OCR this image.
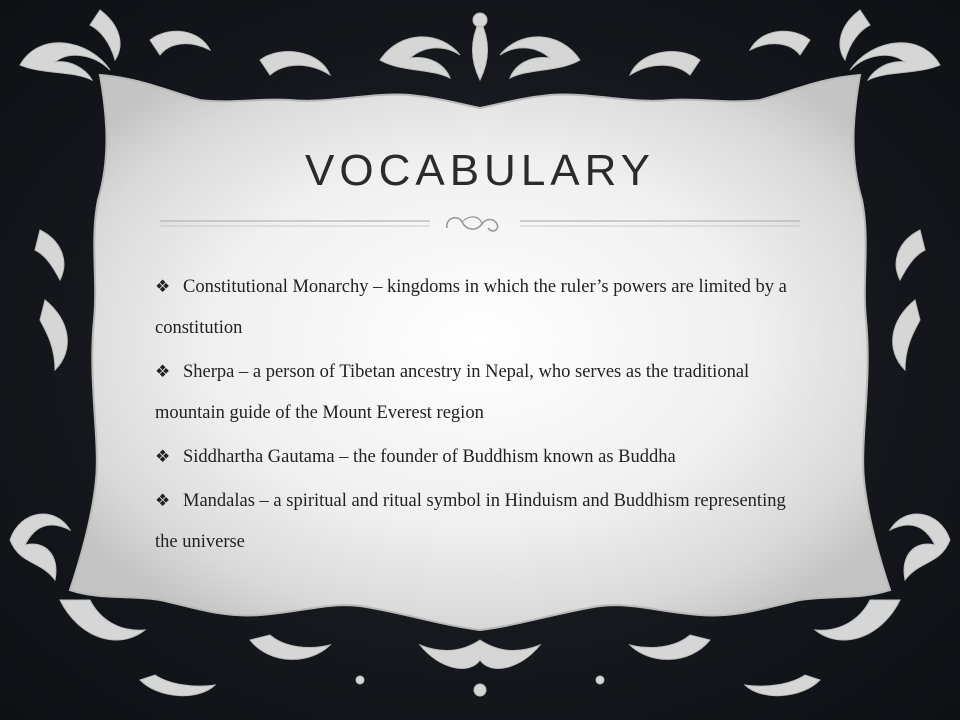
VOCABULARY

❖ Constitutional Monarchy – kingdoms in which the ruler’s powers are limited by a constitution

❖ Sherpa – a person of Tibetan ancestry in Nepal, who serves as the traditional mountain guide of the Mount Everest region

❖ Siddhartha Gautama – the founder of Buddhism known as Buddha

❖ Mandalas – a spiritual and ritual symbol in Hinduism and Buddhism representing the universe
